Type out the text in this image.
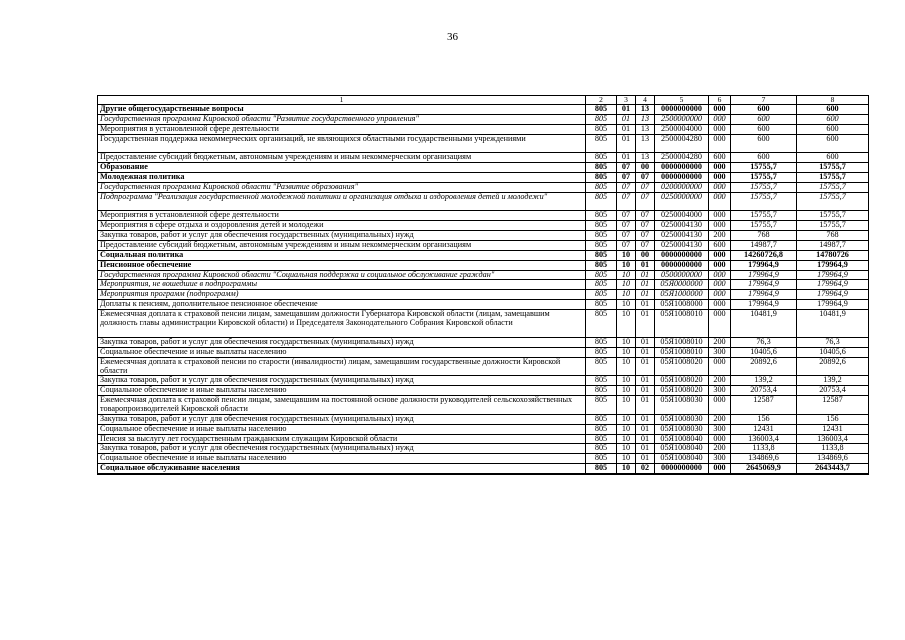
36
1	2	3	4	5	6	7	8
Другие общегосударственные вопросы	805	01	13	0000000000	000	600	600
Государственная программа Кировской области "Развитие государственного управления"	805	01	13	2500000000	000	600	600
Мероприятия в установленной сфере деятельности	805	01	13	2500004000	000	600	600
Государственная поддержка некоммерческих организаций, не являющихся областными государственными учреждениями	805	01	13	2500004280	000	600	600
Предоставление субсидий бюджетным, автономным учреждениям и иным некоммерческим организациям	805	01	13	2500004280	600	600	600
Образование	805	07	00	0000000000	000	15755,7	15755,7
Молодежная политика	805	07	07	0000000000	000	15755,7	15755,7
Государственная программа Кировской области "Развитие образования"	805	07	07	0200000000	000	15755,7	15755,7
Подпрограмма "Реализация государственной молодежной политики и организация отдыха и оздоровления детей и молодежи"	805	07	07	0250000000	000	15755,7	15755,7
Мероприятия в установленной сфере деятельности	805	07	07	0250004000	000	15755,7	15755,7
Мероприятия в сфере отдыха и оздоровления детей и молодежи	805	07	07	0250004130	000	15755,7	15755,7
Закупка товаров, работ и услуг для обеспечения государственных (муниципальных) нужд	805	07	07	0250004130	200	768	768
Предоставление субсидий бюджетным, автономным учреждениям и иным некоммерческим организациям	805	07	07	0250004130	600	14987,7	14987,7
Социальная политика	805	10	00	0000000000	000	14260726,8	14780726
Пенсионное обеспечение	805	10	01	0000000000	000	179964,9	179964,9
Государственная программа Кировской области "Социальная поддержка и социальное обслуживание граждан"	805	10	01	0500000000	000	179964,9	179964,9
Мероприятия, не вошедшие в подпрограммы	805	10	01	05Я0000000	000	179964,9	179964,9
Мероприятия программ (подпрограмм)	805	10	01	05Я1000000	000	179964,9	179964,9
Доплаты к пенсиям, дополнительное пенсионное обеспечение	805	10	01	05Я1008000	000	179964,9	179964,9
Ежемесячная доплата к страховой пенсии лицам, замещавшим должности Губернатора Кировской области (лицам, замещавшим должность главы администрации Кировской области) и Председателя Законодательного Собрания Кировской области	805	10	01	05Я1008010	000	10481,9	10481,9
Закупка товаров, работ и услуг для обеспечения государственных (муниципальных) нужд	805	10	01	05Я1008010	200	76,3	76,3
Социальное обеспечение и иные выплаты населению	805	10	01	05Я1008010	300	10405,6	10405,6
Ежемесячная доплата к страховой пенсии по старости (инвалидности) лицам, замещавшим государственные должности Кировской области	805	10	01	05Я1008020	000	20892,6	20892,6
Закупка товаров, работ и услуг для обеспечения государственных (муниципальных) нужд	805	10	01	05Я1008020	200	139,2	139,2
Социальное обеспечение и иные выплаты населению	805	10	01	05Я1008020	300	20753,4	20753,4
Ежемесячная доплата к страховой пенсии лицам, замещавшим на постоянной основе должности руководителей сельскохозяйственных товаропроизводителей Кировской области	805	10	01	05Я1008030	000	12587	12587
Закупка товаров, работ и услуг для обеспечения государственных (муниципальных) нужд	805	10	01	05Я1008030	200	156	156
Социальное обеспечение и иные выплаты населению	805	10	01	05Я1008030	300	12431	12431
Пенсия за выслугу лет государственным гражданским служащим Кировской области	805	10	01	05Я1008040	000	136003,4	136003,4
Закупка товаров, работ и услуг для обеспечения государственных (муниципальных) нужд	805	10	01	05Я1008040	200	1133,8	1133,8
Социальное обеспечение и иные выплаты населению	805	10	01	05Я1008040	300	134869,6	134869,6
Социальное обслуживание населения	805	10	02	0000000000	000	2645069,9	2643443,7
